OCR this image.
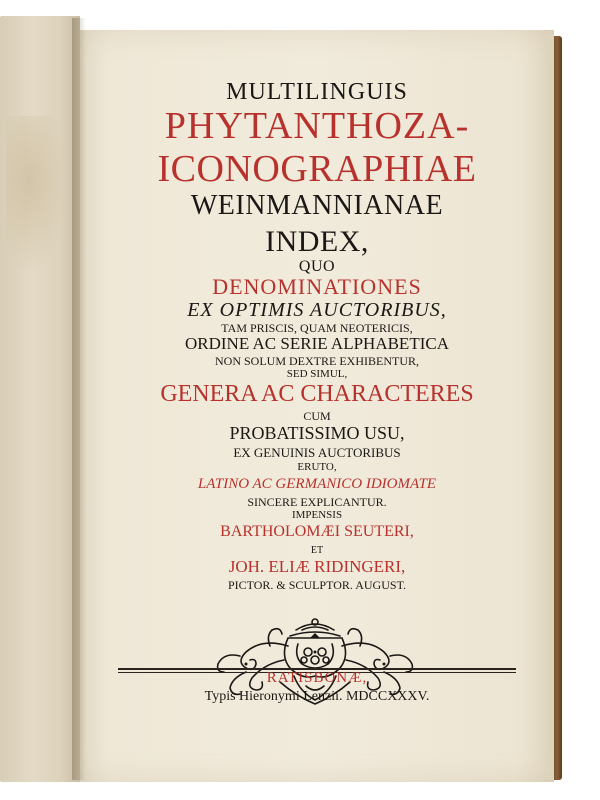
MULTILINGUIS
PHYTANTHOZA-
ICONOGRAPHIAE
WEINMANNIANAE
INDEX,
QUO
DENOMINATIONES
EX OPTIMIS AUCTORIBUS,
TAM PRISCIS, QUAM NEOTERICIS,
ORDINE AC SERIE ALPHABETICA
NON SOLUM DEXTRE EXHIBENTUR,
SED SIMUL,
GENERA AC CHARACTERES
CUM
PROBATISSIMO USU,
EX GENUINIS AUCTORIBUS
ERUTO,
LATINO AC GERMANICO IDIOMATE
SINCERE EXPLICANTUR.
IMPENSIS
BARTHOLOMÆI SEUTERI,
ET
JOH. ELIÆ RIDINGERI,
PICTOR. & SCULPTOR. AUGUST.
RATISBONÆ,
Typis Hieronymi Lenzii. MDCCXXXV.
